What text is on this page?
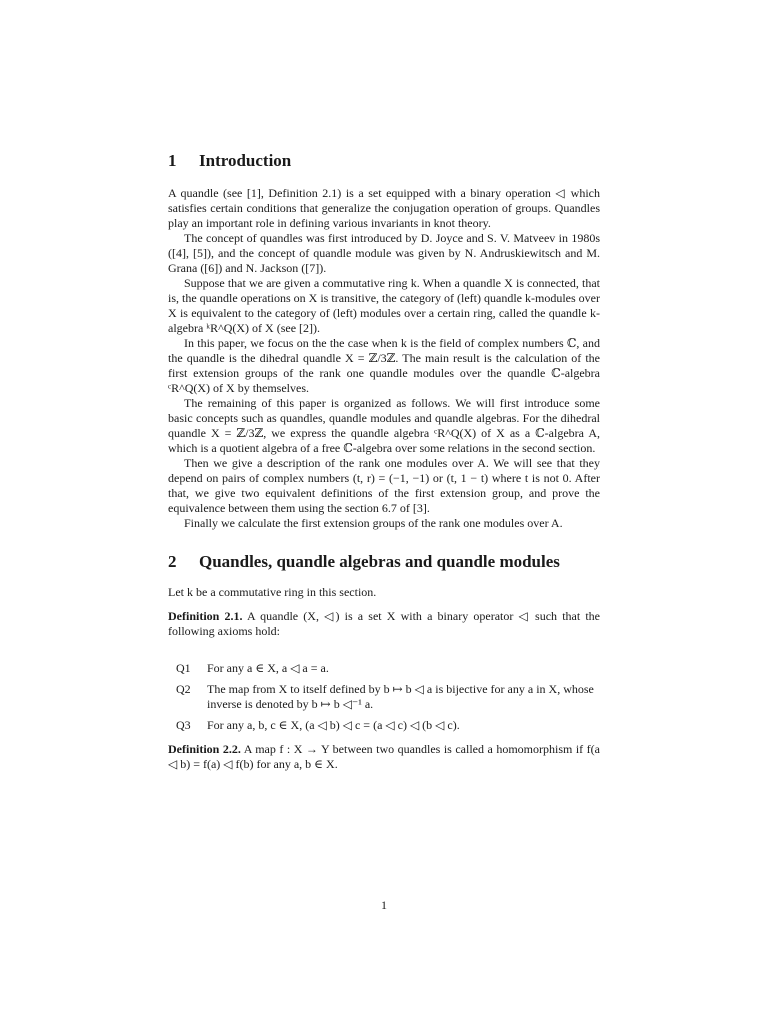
1	Introduction

A quandle (see [1], Definition 2.1) is a set equipped with a binary operation ◁ which satisfies certain conditions that generalize the conjugation operation of groups. Quandles play an important role in defining various invariants in knot theory.

The concept of quandles was first introduced by D. Joyce and S. V. Matveev in 1980s ([4], [5]), and the concept of quandle module was given by N. Andruskiewitsch and M. Grana ([6]) and N. Jackson ([7]).

Suppose that we are given a commutative ring k. When a quandle X is connected, that is, the quandle operations on X is transitive, the category of (left) quandle k-modules over X is equivalent to the category of (left) modules over a certain ring, called the quandle k-algebra ᵏR^Q(X) of X (see [2]).

In this paper, we focus on the the case when k is the field of complex numbers ℂ, and the quandle is the dihedral quandle X = ℤ/3ℤ. The main result is the calculation of the first extension groups of the rank one quandle modules over the quandle ℂ-algebra ᶜR^Q(X) of X by themselves.

The remaining of this paper is organized as follows. We will first introduce some basic concepts such as quandles, quandle modules and quandle algebras. For the dihedral quandle X = ℤ/3ℤ, we express the quandle algebra ᶜR^Q(X) of X as a ℂ-algebra A, which is a quotient algebra of a free ℂ-algebra over some relations in the second section.

Then we give a description of the rank one modules over A. We will see that they depend on pairs of complex numbers (t, r) = (−1, −1) or (t, 1 − t) where t is not 0. After that, we give two equivalent definitions of the first extension group, and prove the equivalence between them using the section 6.7 of [3].

Finally we calculate the first extension groups of the rank one modules over A.

2	Quandles, quandle algebras and quandle modules

Let k be a commutative ring in this section.

Definition 2.1. A quandle (X, ◁) is a set X with a binary operator ◁ such that the following axioms hold:
Q1	For any a ∈ X, a ◁ a = a.
Q2	The map from X to itself defined by b ↦ b ◁ a is bijective for any a in X, whose inverse is denoted by b ↦ b ◁⁻¹ a.
Q3	For any a, b, c ∈ X, (a ◁ b) ◁ c = (a ◁ c) ◁ (b ◁ c).
Definition 2.2. A map f : X → Y between two quandles is called a homomorphism if f(a ◁ b) = f(a) ◁ f(b) for any a, b ∈ X.
1
